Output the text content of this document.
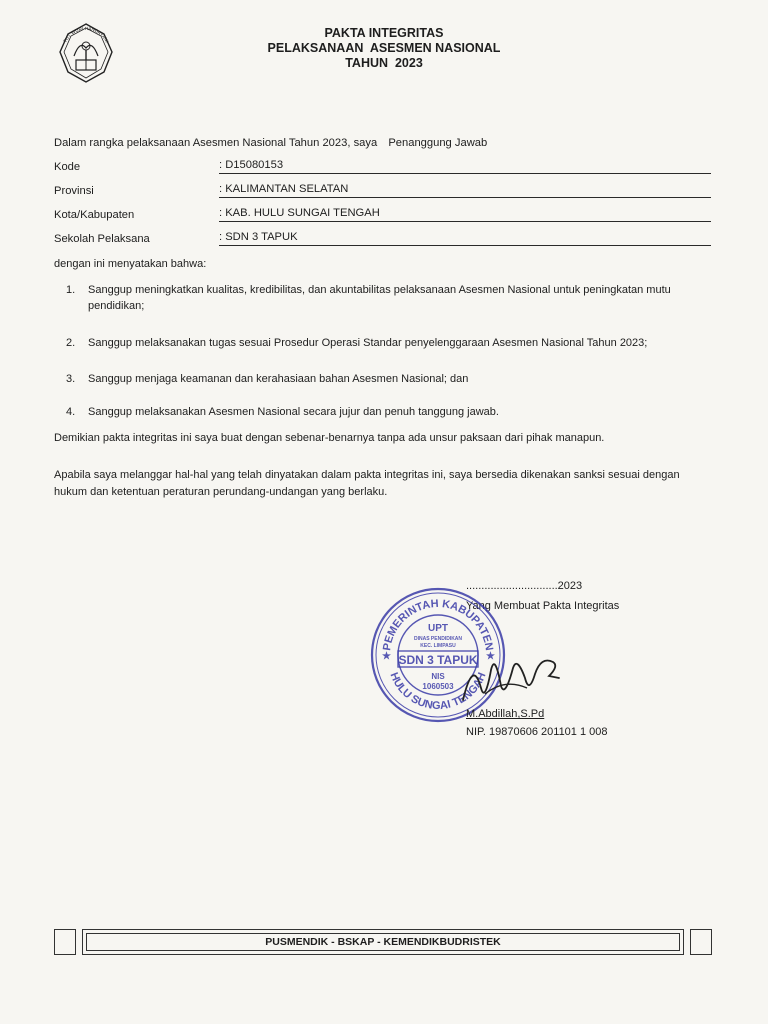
TUT WURI HANDAYANI
PAKTA INTEGRITAS
PELAKSANAAN  ASESMEN NASIONAL
TAHUN  2023
Dalam rangka pelaksanaan Asesmen Nasional Tahun 2023, saya Penanggung Jawab
Kode	: D15080153
Provinsi	: KALIMANTAN SELATAN
Kota/Kabupaten	: KAB. HULU SUNGAI TENGAH
Sekolah Pelaksana	: SDN 3 TAPUK
dengan ini menyatakan bahwa:
1.	Sanggup meningkatkan kualitas, kredibilitas, dan akuntabilitas pelaksanaan Asesmen Nasional untuk peningkatan mutu pendidikan;
2.	Sanggup melaksanakan tugas sesuai Prosedur Operasi Standar penyelenggaraan Asesmen Nasional Tahun 2023;
3.	Sanggup menjaga keamanan dan kerahasiaan bahan Asesmen Nasional; dan
4.	Sanggup melaksanakan Asesmen Nasional secara jujur dan penuh tanggung jawab.
Demikian pakta integritas ini saya buat dengan sebenar-benarnya tanpa ada unsur paksaan dari pihak manapun.
Apabila saya melanggar hal-hal yang telah dinyatakan dalam pakta integritas ini, saya bersedia dikenakan sanksi sesuai dengan hukum dan ketentuan peraturan perundang-undangan yang berlaku.
..............................2023
Yang Membuat Pakta Integritas
PEMERINTAH KABUPATEN
HULU SUNGAI TENGAH
UPT
DINAS PENDIDIKAN
KEC. LIMPASU
SDN 3 TAPUK
NIS
1060503
★	★
M.Abdillah,S.Pd
NIP. 19870606 201101 1 008
PUSMENDIK - BSKAP - KEMENDIKBUDRISTEK
